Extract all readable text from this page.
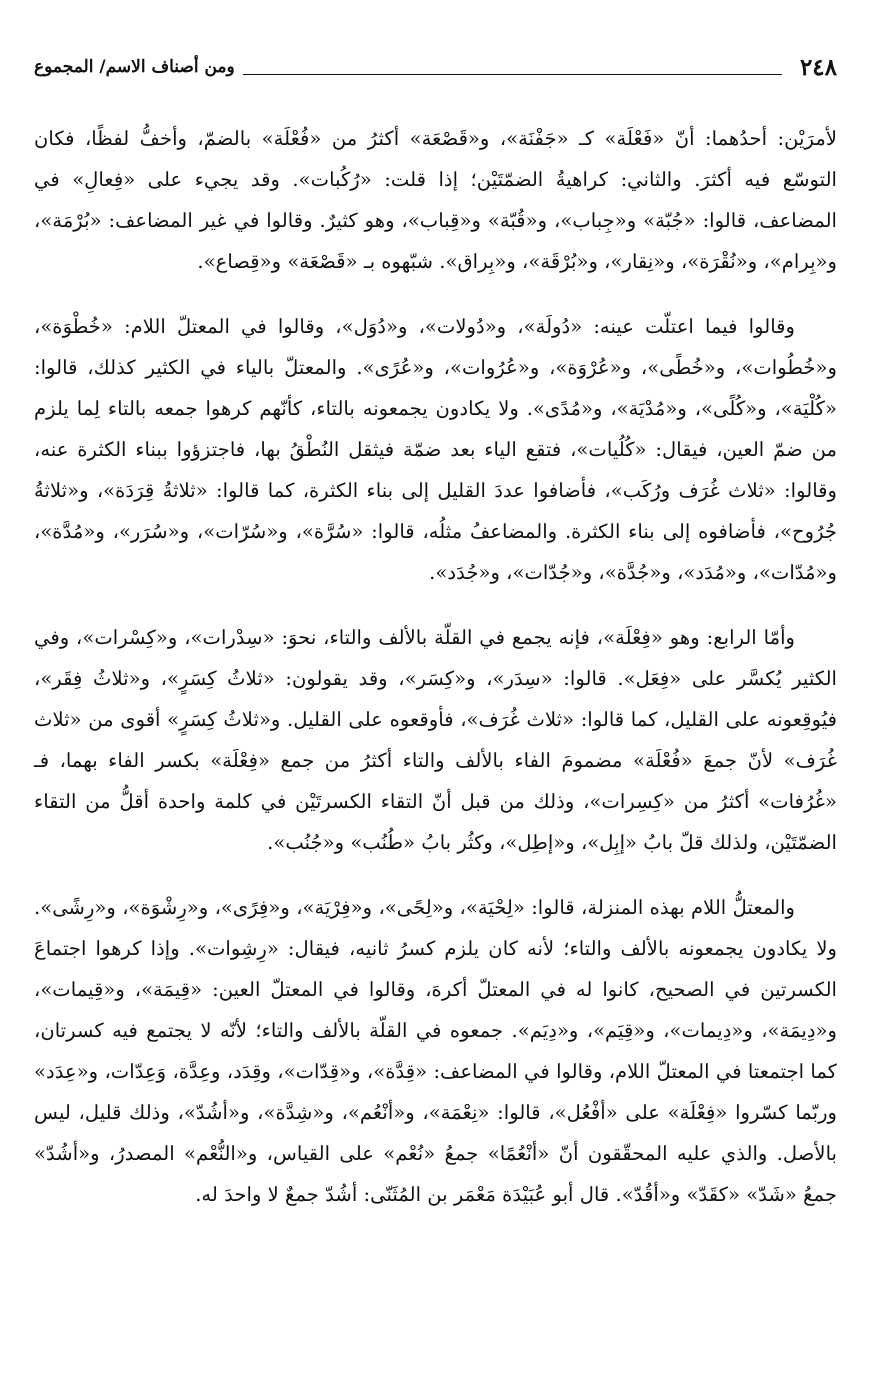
٢٤٨
ومن أصناف الاسم/ المجموع

لأمرَيْن: أحدُهما: أنّ «فَعْلَة» كـ «جَفْنَة»، و«قَصْعَة» أكثرُ من «فُعْلَة» بالضمّ، وأخفُّ لفظًا، فكان التوسّع فيه أكثرَ. والثاني: كراهيةُ الضمّتَيْن؛ إذا قلت: «رُكُبات». وقد يجيء على «فِعالِ» في المضاعف، قالوا: «جُبّة» و«جِباب»، و«قُبّة» و«قِباب»، وهو كثيرٌ. وقالوا في غير المضاعف: «بُرْمَة»، و«بِرام»، و«نُقْرَة»، و«نِقار»، و«بُرْقَة»، و«بِراق». شبّهوه بـ «قَصْعَة» و«قِصاع».

وقالوا فيما اعتلّت عينه: «دُولَة»، و«دُولات»، و«دُوَل»، وقالوا في المعتلّ اللام: «خُطْوَة»، و«خُطُوات»، و«خُطًى»، و«عُرْوَة»، و«عُرُوات»، و«عُرًى». والمعتلّ بالياء في الكثير كذلك، قالوا: «كُلْيَة»، و«كُلًى»، و«مُدْيَة»، و«مُدًى». ولا يكادون يجمعونه بالتاء، كأنّهم كرهوا جمعه بالتاء لِما يلزم من ضمّ العين، فيقال: «كُلُيات»، فتقع الياء بعد ضمّة فيثقل النُطْقُ بها، فاجتزؤوا ببناء الكثرة عنه، وقالوا: «ثلاث غُرَف ورُكَب»، فأضافوا عددَ القليل إلى بناء الكثرة، كما قالوا: «ثلاثةُ قِرَدَة»، و«ثلاثةُ جُرُوح»، فأضافوه إلى بناء الكثرة. والمضاعفُ مثلُه، قالوا: «سُرَّة»، و«سُرّات»، و«سُرَر»، و«مُدَّة»، و«مُدّات»، و«مُدَد»، و«جُدَّة»، و«جُدّات»، و«جُدَد».

وأمّا الرابع: وهو «فِعْلَة»، فإنه يجمع في القلّة بالألف والتاء، نحوَ: «سِدْرات»، و«كِسْرات»، وفي الكثير يُكسَّر على «فِعَل». قالوا: «سِدَر»، و«كِسَر»، وقد يقولون: «ثلاثُ كِسَرٍ»، و«ثلاثُ فِقَر»، فيُوقِعونه على القليل، كما قالوا: «ثلاث غُرَف»، فأوقعوه على القليل. و«ثلاثُ كِسَرٍ» أقوى من «ثلاث غُرَف» لأنّ جمعَ «فُعْلَة» مضمومَ الفاء بالألف والتاء أكثرُ من جمع «فِعْلَة» بكسر الفاء بهما، فـ «غُرُفات» أكثرُ من «كِسِرات»، وذلك من قبل أنّ التقاء الكسرتَيْن في كلمة واحدة أقلُّ من التقاء الضمّتَيْن، ولذلك قلّ بابُ «إبِل»، و«إطِل»، وكثُر بابُ «طُنُب» و«جُنُب».

والمعتلُّ اللام بهذه المنزلة، قالوا: «لِحْيَة»، و«لِحًى»، و«فِرْيَة»، و«فِرًى»، و«رِشْوَة»، و«رِشًى». ولا يكادون يجمعونه بالألف والتاء؛ لأنه كان يلزم كسرُ ثانيه، فيقال: «رِشِوات». وإذا كرهوا اجتماعَ الكسرتين في الصحيح، كانوا له في المعتلّ أكرهَ، وقالوا في المعتلّ العين: «قِيمَة»، و«قِيمات»، و«دِيمَة»، و«دِيمات»، و«قِيَم»، و«دِيَم». جمعوه في القلّة بالألف والتاء؛ لأنّه لا يجتمع فيه كسرتان، كما اجتمعتا في المعتلّ اللام، وقالوا في المضاعف: «قِدَّة»، و«قِدّات»، وقِدَد، وعِدَّة، وَعِدّات، و«عِدَد» وربّما كسّروا «فِعْلَة» على «أفْعُل»، قالوا: «نِعْمَة»، و«أنْعُم»، و«شِدَّة»، و«أشُدّ»، وذلك قليل، ليس بالأصل. والذي عليه المحقّقون أنّ «أنْعُمًا» جمعُ «نُعْم» على القياس، و«النُّعْم» المصدرُ، و«أشُدّ» جمعُ «شَدّ» «كقَدّ» و«أقُدّ». قال أبو عُبَيْدَة مَعْمَر بن المُثَنّى: أشُدّ جمعٌ لا واحدَ له.
